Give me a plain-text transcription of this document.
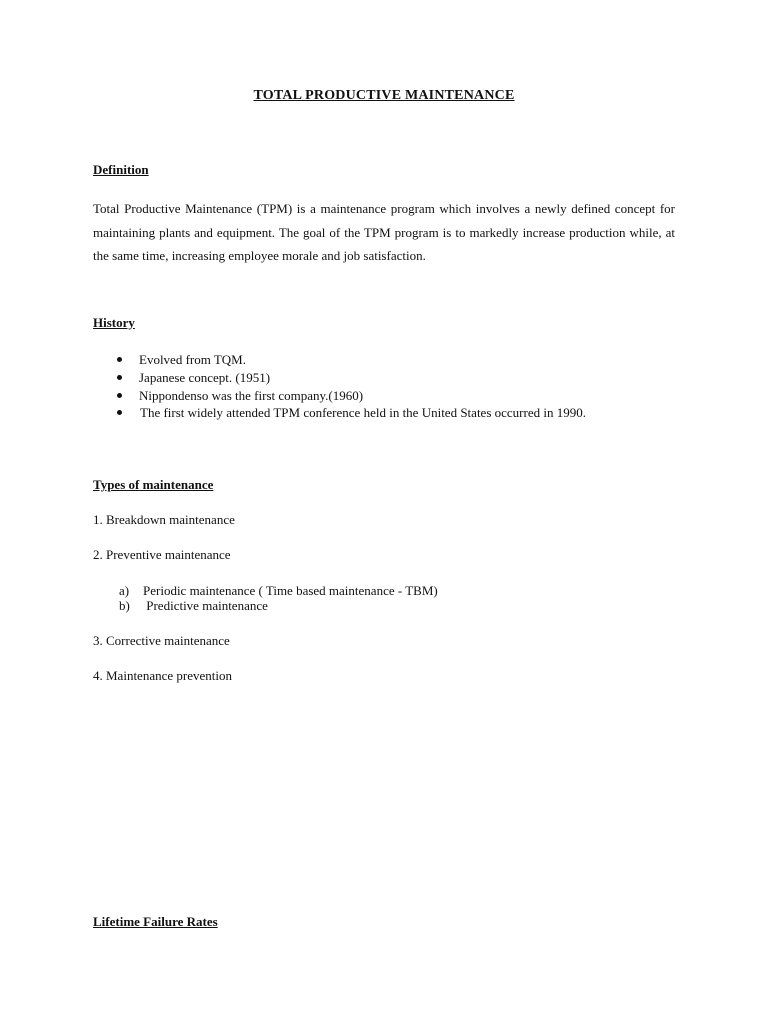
TOTAL PRODUCTIVE MAINTENANCE
Definition
Total Productive Maintenance (TPM) is a maintenance program which involves a newly defined concept for maintaining plants and equipment. The goal of the TPM program is to markedly increase production while, at the same time, increasing employee morale and job satisfaction.
History
Evolved from TQM.
Japanese concept. (1951)
Nippondenso was the first company.(1960)
The first widely attended TPM conference held in the United States occurred in 1990.
Types of maintenance
1. Breakdown maintenance
2. Preventive maintenance
a) Periodic maintenance ( Time based maintenance - TBM)
b) Predictive maintenance
3. Corrective maintenance
4. Maintenance prevention
Lifetime Failure Rates
